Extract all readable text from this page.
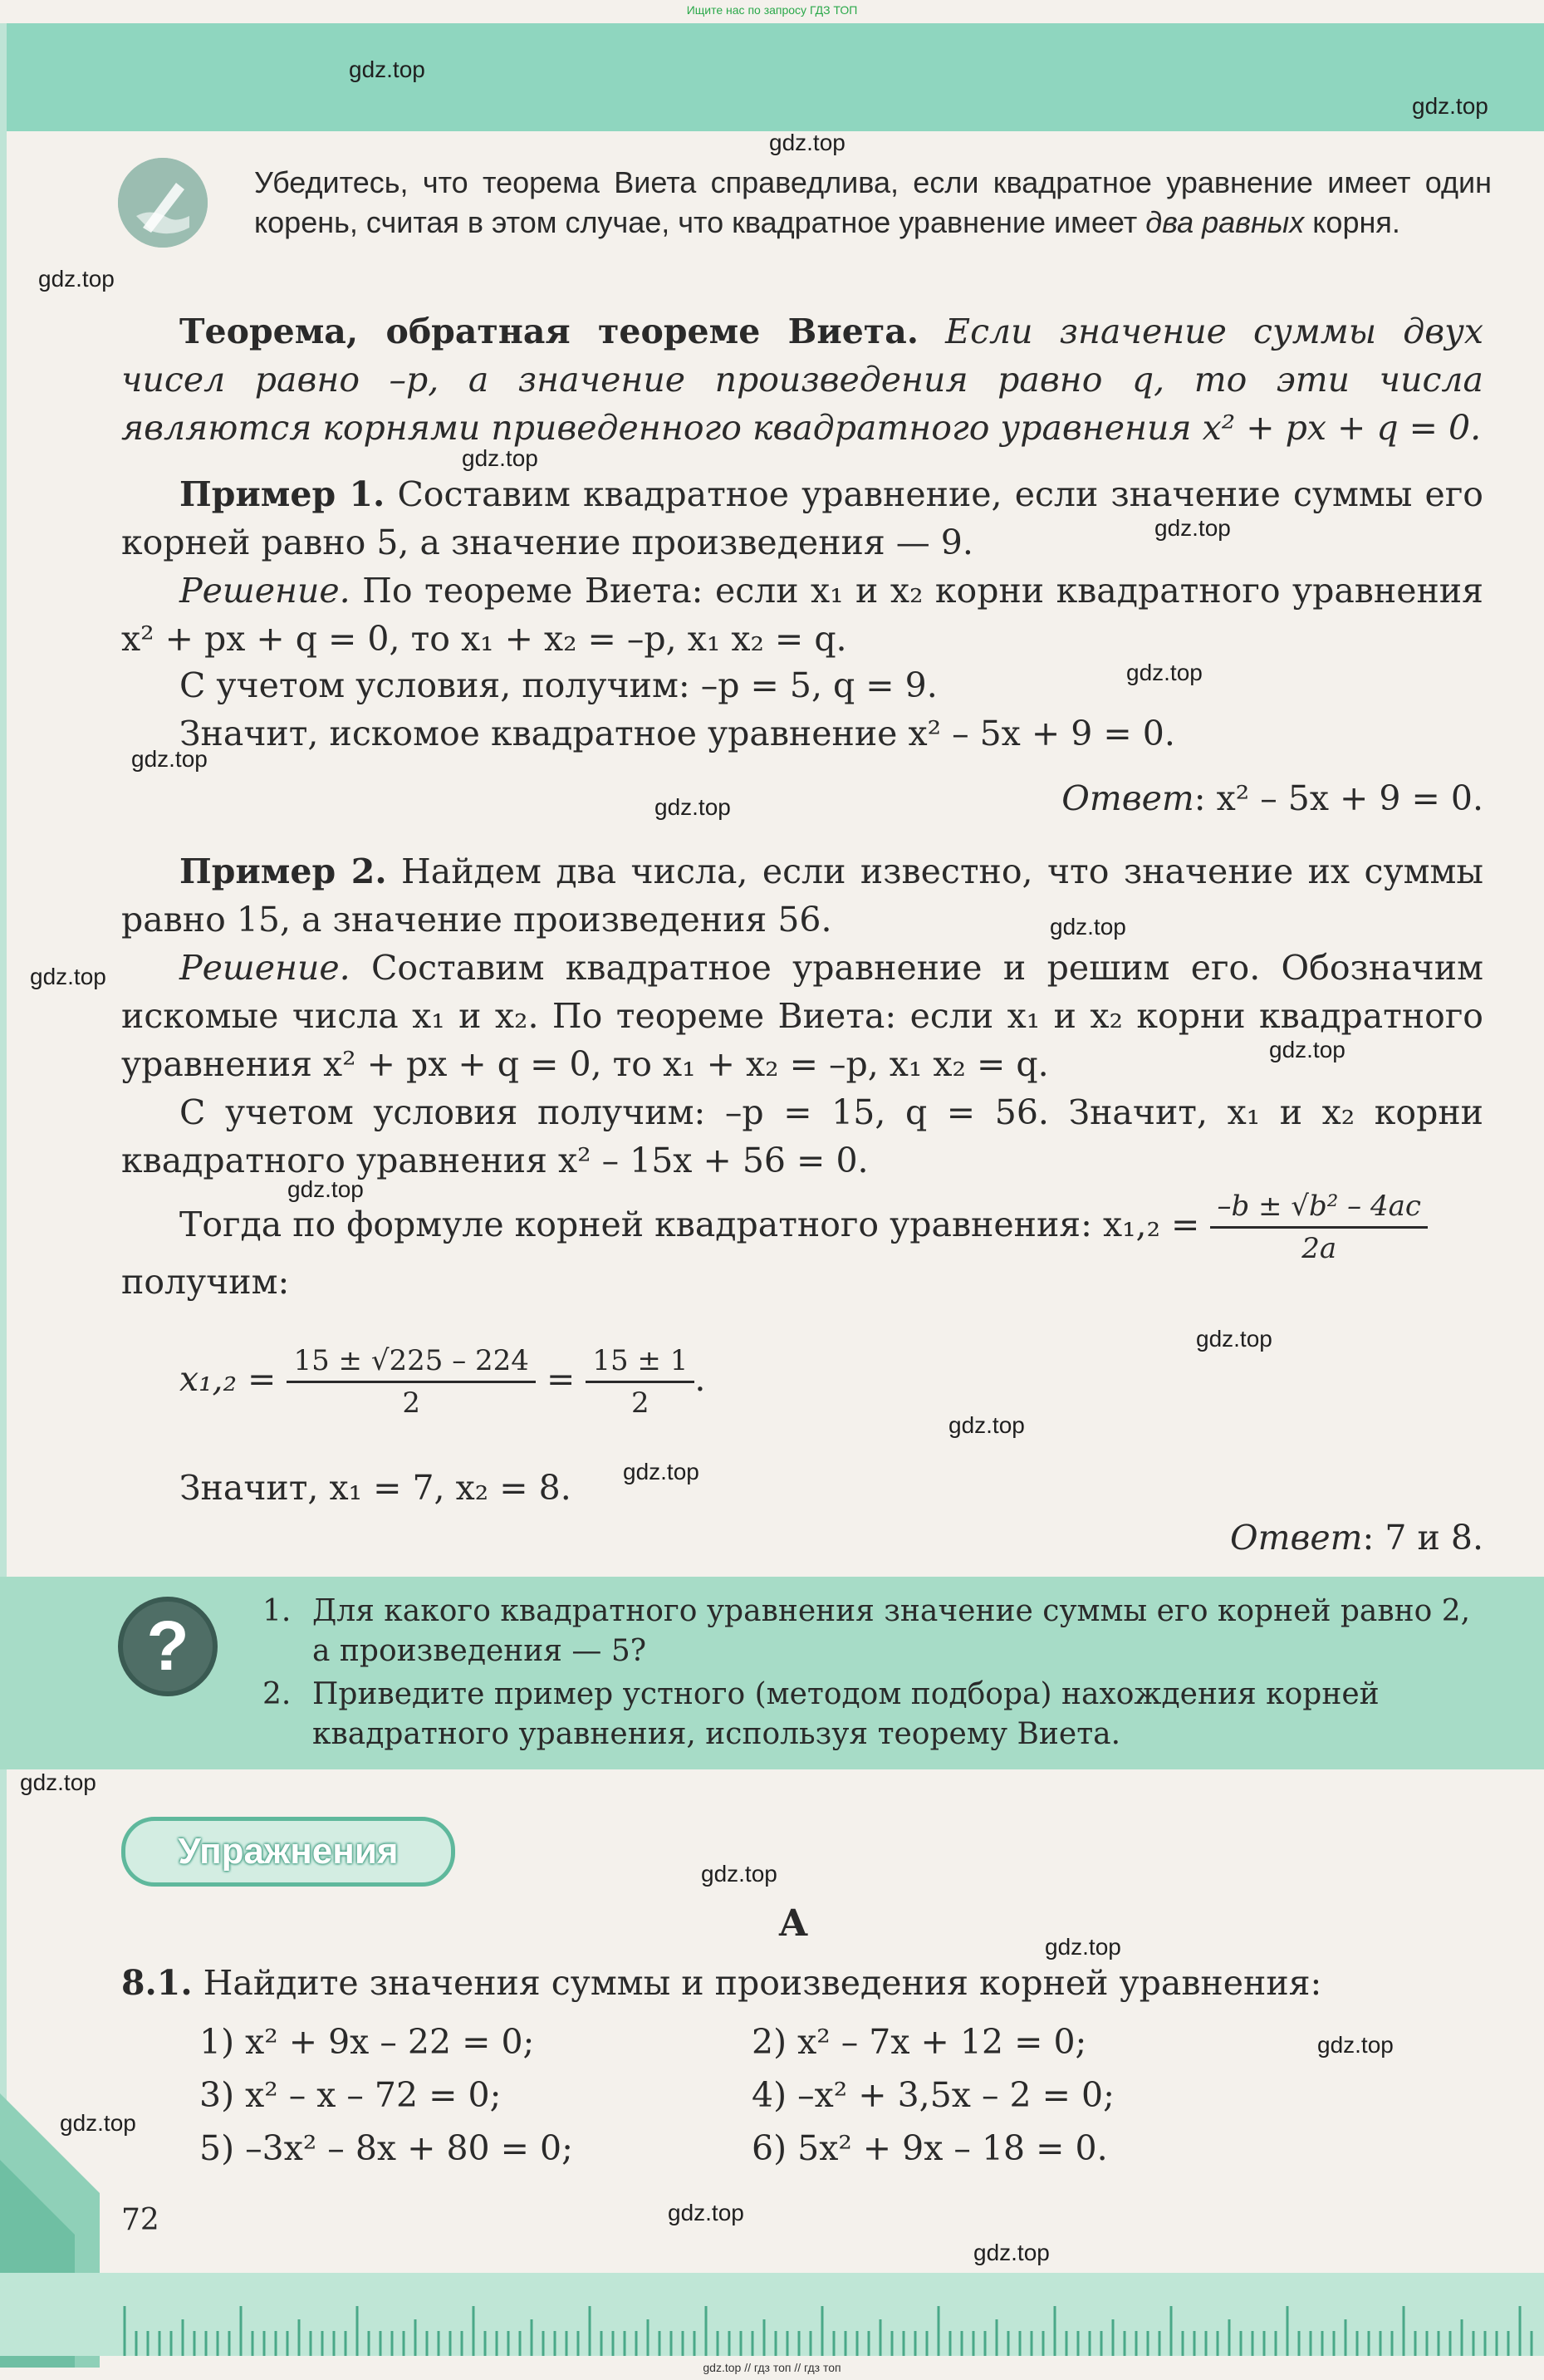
Ищите нас по запросу ГДЗ ТОП
gdz.top
gdz.top
gdz.top
gdz.top
gdz.top
gdz.top
gdz.top
gdz.top
gdz.top
gdz.top
gdz.top
gdz.top
gdz.top
gdz.top
gdz.top
gdz.top
gdz.top
gdz.top
gdz.top
gdz.top
gdz.top
gdz.top
gdz.top
Убедитесь, что теорема Виета справедлива, если квадратное уравнение имеет один корень, считая в этом случае, что квадратное уравнение имеет два равных корня.
Теорема, обратная теореме Виета. Если значение суммы двух чисел равно –p, а значение произведения равно q, то эти числа являются корнями приведенного квадратного уравнения x² + px + q = 0.
Пример 1. Составим квадратное уравнение, если значение суммы его корней равно 5, а значение произведения — 9.
Решение. По теореме Виета: если x₁ и x₂ корни квадратного уравнения x² + px + q = 0, то x₁ + x₂ = –p, x₁ x₂ = q.
С учетом условия, получим: –p = 5, q = 9.
Значит, искомое квадратное уравнение x² – 5x + 9 = 0.
Ответ: x² – 5x + 9 = 0.
Пример 2. Найдем два числа, если известно, что значение их суммы равно 15, а значение произведения 56.
Решение. Составим квадратное уравнение и решим его. Обозначим искомые числа x₁ и x₂. По теореме Виета: если x₁ и x₂ корни квадратного уравнения x² + px + q = 0, то x₁ + x₂ = –p, x₁ x₂ = q.
С учетом условия получим: –p = 15, q = 56. Значит, x₁ и x₂ корни квадратного уравнения x² – 15x + 56 = 0.
Тогда по формуле корней квадратного уравнения: $x_1,_2 = \frac{\text{–b ± √b² – 4ac}}{2a}$
получим:
$x_1,_2 = \frac{15 \pm √225 - 224}{2} = \frac{15 \pm 1}{2}$ .
Значит, x₁ = 7, x₂ = 8.
Ответ: 7 и 8.
? 1. Для какого квадратного уравнения значение суммы его корней равно 2, а произведения — 5?
2. Приведите пример устного (методом подбора) нахождения корней квадратного уравнения, используя теорему Виета.
Упражнения
A
8.1. Найдите значения суммы и произведения корней уравнения:
1) x² + 9x – 22 = 0;	2) x² – 7x + 12 = 0;
3) x² – x – 72 = 0;	4) –x² + 3,5x – 2 = 0;
5) –3x² – 8x + 80 = 0;	6) 5x² + 9x – 18 = 0.
72
gdz.top // гдз топ // гдз топ
